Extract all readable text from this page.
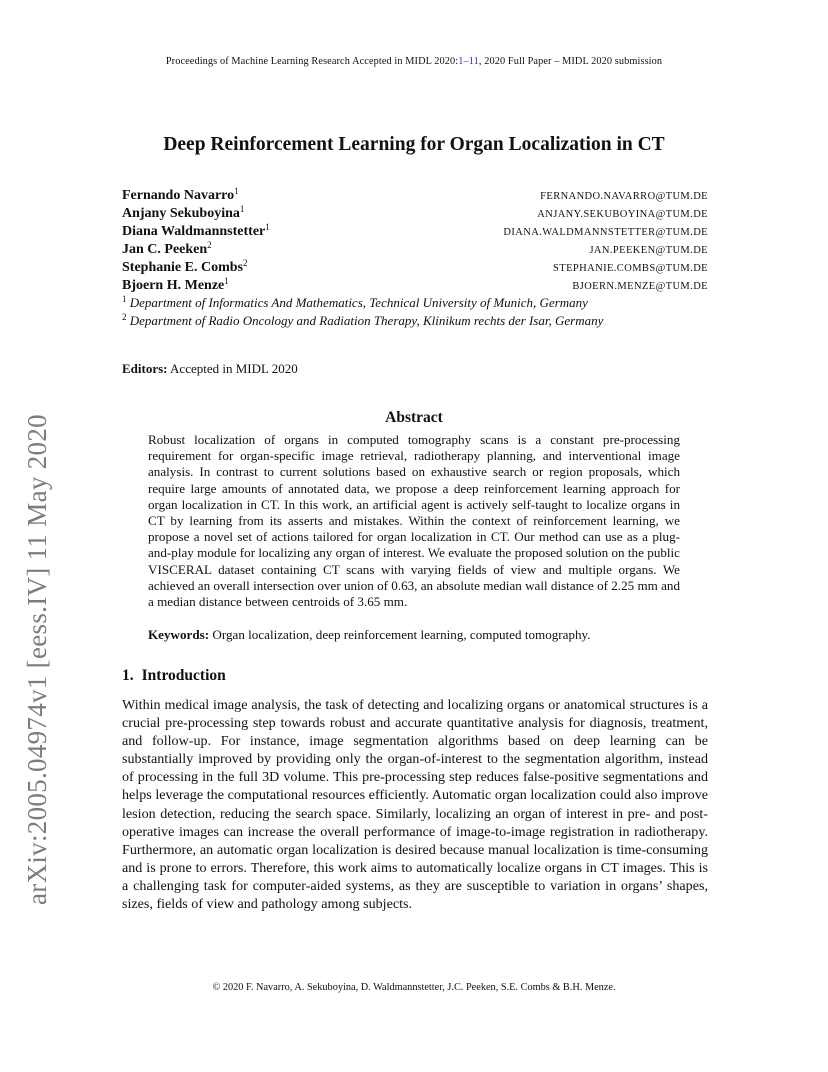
Proceedings of Machine Learning Research Accepted in MIDL 2020:1–11, 2020 Full Paper – MIDL 2020 submission
arXiv:2005.04974v1 [eess.IV] 11 May 2020
Deep Reinforcement Learning for Organ Localization in CT
Fernando Navarro$^1$	FERNANDO.NAVARRO@TUM.DE
Anjany Sekuboyina$^1$	ANJANY.SEKUBOYINA@TUM.DE
Diana Waldmannstetter$^1$	DIANA.WALDMANNSTETTER@TUM.DE
Jan C. Peeken$^2$	JAN.PEEKEN@TUM.DE
Stephanie E. Combs$^2$	STEPHANIE.COMBS@TUM.DE
Bjoern H. Menze$^1$	BJOERN.MENZE@TUM.DE
$^1$ Department of Informatics And Mathematics, Technical University of Munich, Germany
$^2$ Department of Radio Oncology and Radiation Therapy, Klinikum rechts der Isar, Germany
Editors: Accepted in MIDL 2020
Abstract

Robust localization of organs in computed tomography scans is a constant pre-processing requirement for organ-specific image retrieval, radiotherapy planning, and interventional image analysis. In contrast to current solutions based on exhaustive search or region proposals, which require large amounts of annotated data, we propose a deep reinforcement learning approach for organ localization in CT. In this work, an artificial agent is actively self-taught to localize organs in CT by learning from its asserts and mistakes. Within the context of reinforcement learning, we propose a novel set of actions tailored for organ localization in CT. Our method can use as a plug-and-play module for localizing any organ of interest. We evaluate the proposed solution on the public VISCERAL dataset containing CT scans with varying fields of view and multiple organs. We achieved an overall intersection over union of 0.63, an absolute median wall distance of 2.25 mm and a median distance between centroids of 3.65 mm.

Keywords: Organ localization, deep reinforcement learning, computed tomography.
1. Introduction

Within medical image analysis, the task of detecting and localizing organs or anatomical structures is a crucial pre-processing step towards robust and accurate quantitative analysis for diagnosis, treatment, and follow-up. For instance, image segmentation algorithms based on deep learning can be substantially improved by providing only the organ-of-interest to the segmentation algorithm, instead of processing in the full 3D volume. This pre-processing step reduces false-positive segmentations and helps leverage the computational resources efficiently. Automatic organ localization could also improve lesion detection, reducing the search space. Similarly, localizing an organ of interest in pre- and post-operative images can increase the overall performance of image-to-image registration in radiotherapy. Furthermore, an automatic organ localization is desired because manual localization is time-consuming and is prone to errors. Therefore, this work aims to automatically localize organs in CT images. This is a challenging task for computer-aided systems, as they are susceptible to variation in organs’ shapes, sizes, fields of view and pathology among subjects.

© 2020 F. Navarro, A. Sekuboyina, D. Waldmannstetter, J.C. Peeken, S.E. Combs & B.H. Menze.
